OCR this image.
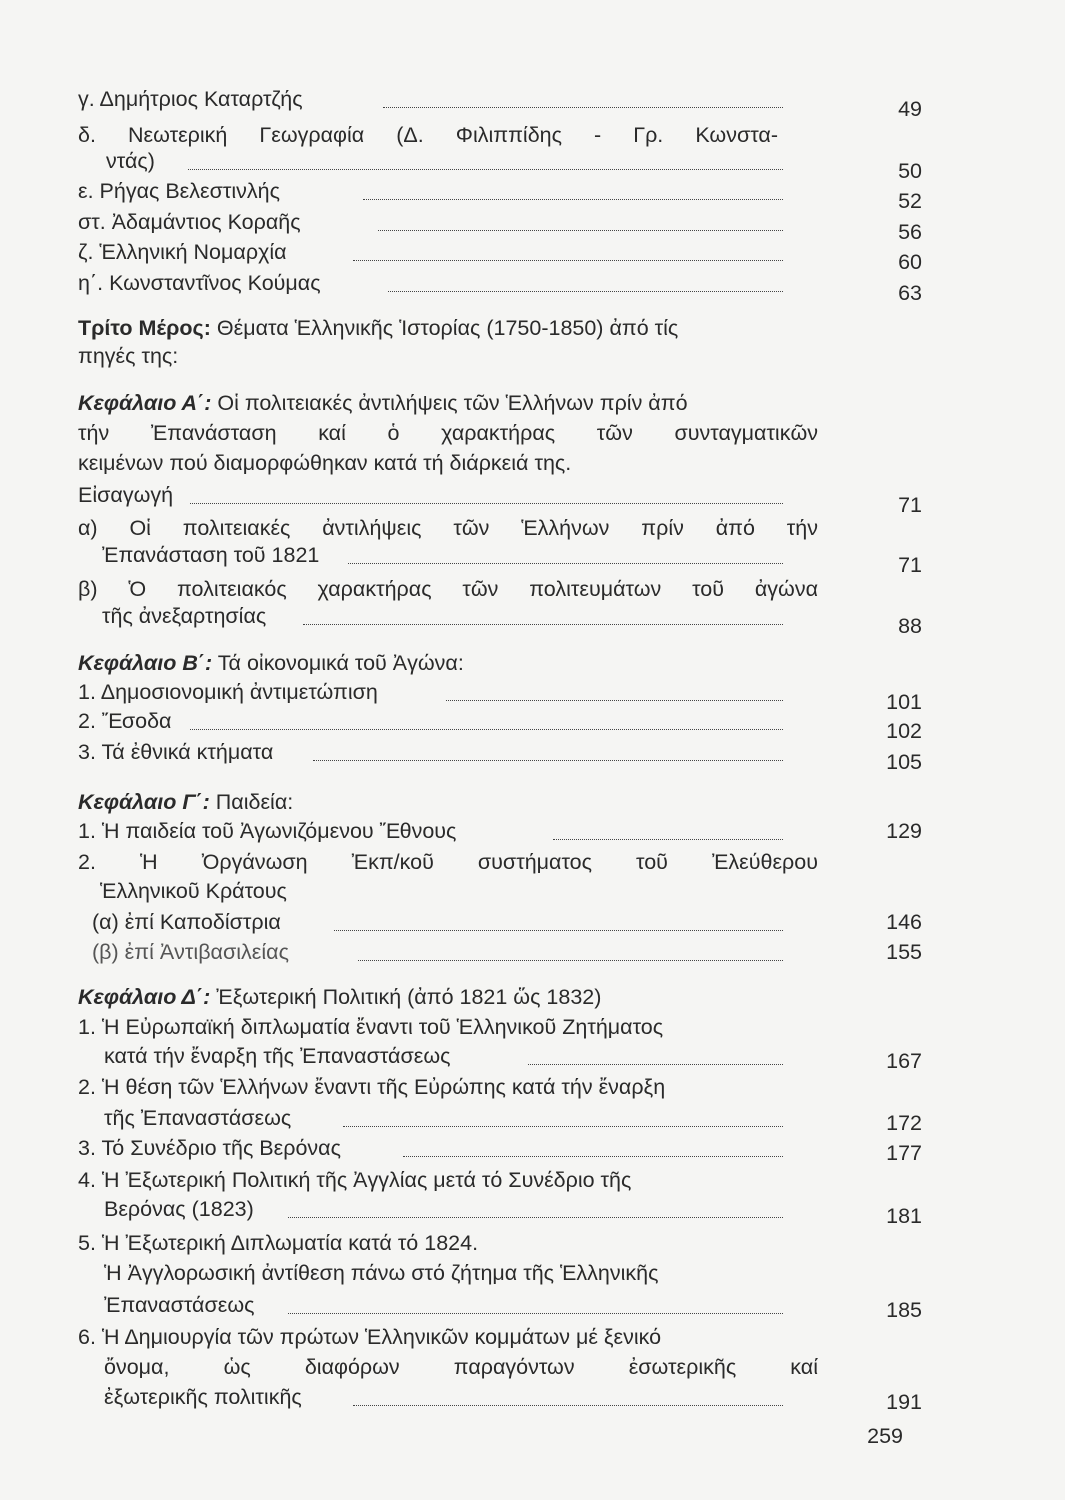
γ. Δημήτριος Καταρτζής	49
δ. Νεωτερική Γεωγραφία (Δ. Φιλιππίδης - Γρ. Κωνστα-
ντάς)	50
ε. Ρήγας Βελεστινλής	52
στ. Ἀδαμάντιος Κοραῆς	56
ζ. Ἑλληνική Νομαρχία	60
η΄. Κωνσταντῖνος Κούμας	63
Τρίτο Μέρος: Θέματα Ἑλληνικῆς Ἱστορίας (1750-1850) ἀπό τίς
πηγές της:
Κεφάλαιο Α΄: Οἱ πολιτειακές ἀντιλήψεις τῶν Ἑλλήνων πρίν ἀπό
τήν Ἐπανάσταση καί ὁ χαρακτήρας τῶν συνταγματικῶν
κειμένων πού διαμορφώθηκαν κατά τή διάρκειά της.
Εἰσαγωγή	71
α) Οἱ πολιτειακές ἀντιλήψεις τῶν Ἑλλήνων πρίν ἀπό τήν
Ἐπανάσταση τοῦ 1821	71
β) Ὁ πολιτειακός χαρακτήρας τῶν πολιτευμάτων τοῦ ἀγώνα
τῆς ἀνεξαρτησίας	88
Κεφάλαιο Β΄: Τά οἰκονομικά τοῦ Ἀγώνα:
1. Δημοσιονομική ἀντιμετώπιση	101
2. Ἔσοδα	102
3. Τά ἐθνικά κτήματα	105
Κεφάλαιο Γ΄: Παιδεία:
1. Ἡ παιδεία τοῦ Ἀγωνιζόμενου Ἔθνους	129
2. Ἡ Ὀργάνωση Ἐκπ/κοῦ συστήματος τοῦ Ἐλεύθερου
Ἑλληνικοῦ Κράτους
(α) ἐπί Καποδίστρια	146
(β) ἐπί Ἀντιβασιλείας	155
Κεφάλαιο Δ΄: Ἐξωτερική Πολιτική (ἀπό 1821 ὥς 1832)
1. Ἡ Εὐρωπαϊκή διπλωματία ἔναντι τοῦ Ἑλληνικοῦ Ζητήματος
κατά τήν ἔναρξη τῆς Ἐπαναστάσεως	167
2. Ἡ θέση τῶν Ἑλλήνων ἔναντι τῆς Εὐρώπης κατά τήν ἔναρξη
τῆς Ἐπαναστάσεως	172
3. Τό Συνέδριο τῆς Βερόνας	177
4. Ἡ Ἐξωτερική Πολιτική τῆς Ἀγγλίας μετά τό Συνέδριο τῆς
Βερόνας (1823)	181
5. Ἡ Ἐξωτερική Διπλωματία κατά τό 1824.
Ἡ Ἀγγλορωσική ἀντίθεση πάνω στό ζήτημα τῆς Ἑλληνικῆς
Ἐπαναστάσεως	185
6. Ἡ Δημιουργία τῶν πρώτων Ἑλληνικῶν κομμάτων μέ ξενικό
ὄνομα, ὡς διαφόρων παραγόντων ἐσωτερικῆς καί
ἐξωτερικῆς πολιτικῆς	191
259
